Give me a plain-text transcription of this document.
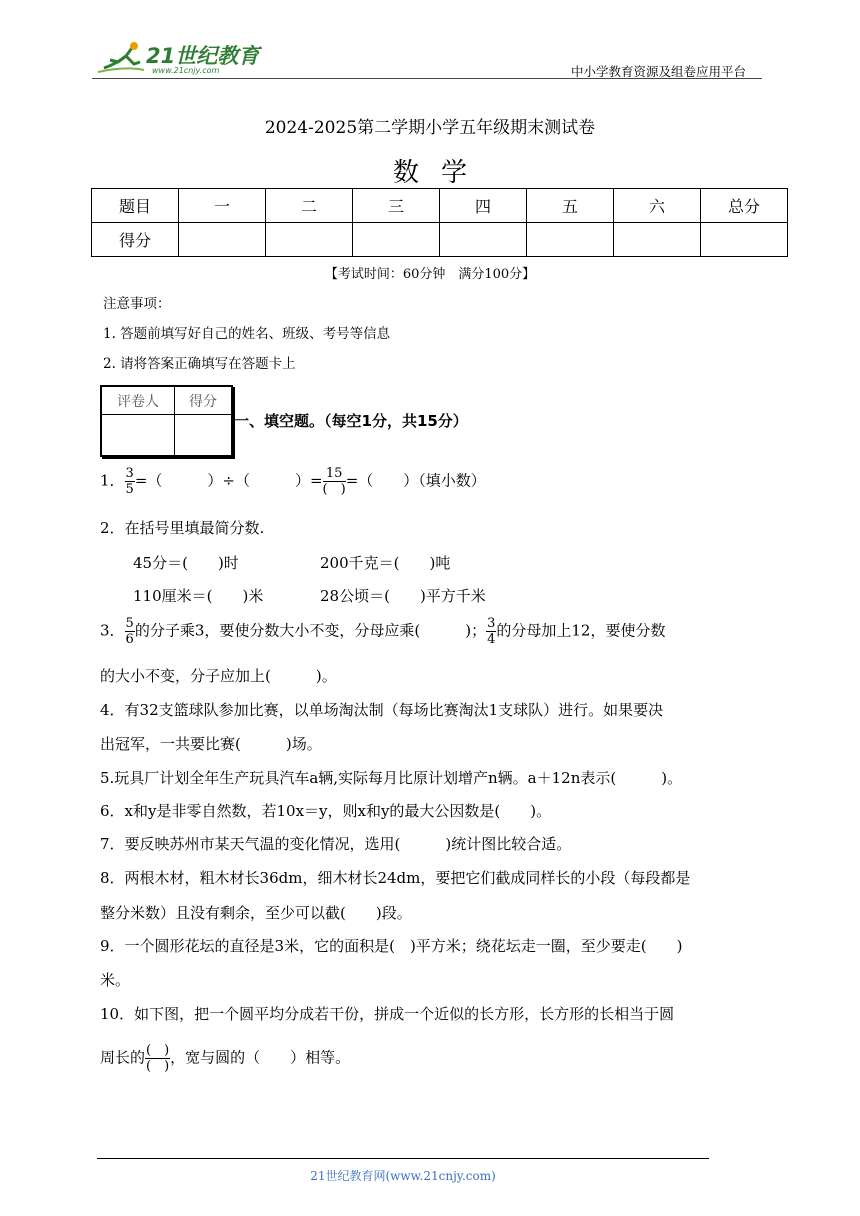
21世纪教育
www.21cnjy.com	中小学教育资源及组卷应用平台
2024-2025第二学期小学五年级期末测试卷
数学
题目	一	二	三	四	五	六	总分
得分							
【考试时间：60分钟　满分100分】
注意事项：
1. 答题前填写好自己的姓名、班级、考号等信息
2. 请将答案正确填写在答题卡上
评卷人	得分

一、填空题。（每空1分，共15分）
1． $\frac{3}{5}$ =（　　　）÷（　　　）= $\frac{15}{( )}$ =（　　）（填小数）
2．在括号里填最简分数.
45分＝(　　)时	200千克＝(　　)吨
110厘米＝(　　)米	28公顷＝(　　)平方千米
3． $\frac{5}{6}$ 的分子乘3，要使分数大小不变，分母应乘(　　　)； $\frac{3}{4}$ 的分母加上12，要使分数
的大小不变，分子应加上(　　　)。
4．有32支篮球队参加比赛，以单场淘汰制（每场比赛淘汰1支球队）进行。如果要决
出冠军，一共要比赛(　　　)场。
5.玩具厂计划全年生产玩具汽车a辆,实际每月比原计划增产n辆。a＋12n表示(　　　)。
6．x和y是非零自然数，若10x＝y，则x和y的最大公因数是(　　)。
7．要反映苏州市某天气温的变化情况，选用(　　　)统计图比较合适。
8．两根木材，粗木材长36dm，细木材长24dm，要把它们截成同样长的小段（每段都是
整分米数）且没有剩余，至少可以截(　　)段。
9．一个圆形花坛的直径是3米，它的面积是(　)平方米；绕花坛走一圈，至少要走(　　)
米。
10．如下图，把一个圆平均分成若干份，拼成一个近似的长方形，长方形的长相当于圆
周长的 $\frac{( )}{( )}$ ，宽与圆的（　　）相等。
21世纪教育网(www.21cnjy.com)
